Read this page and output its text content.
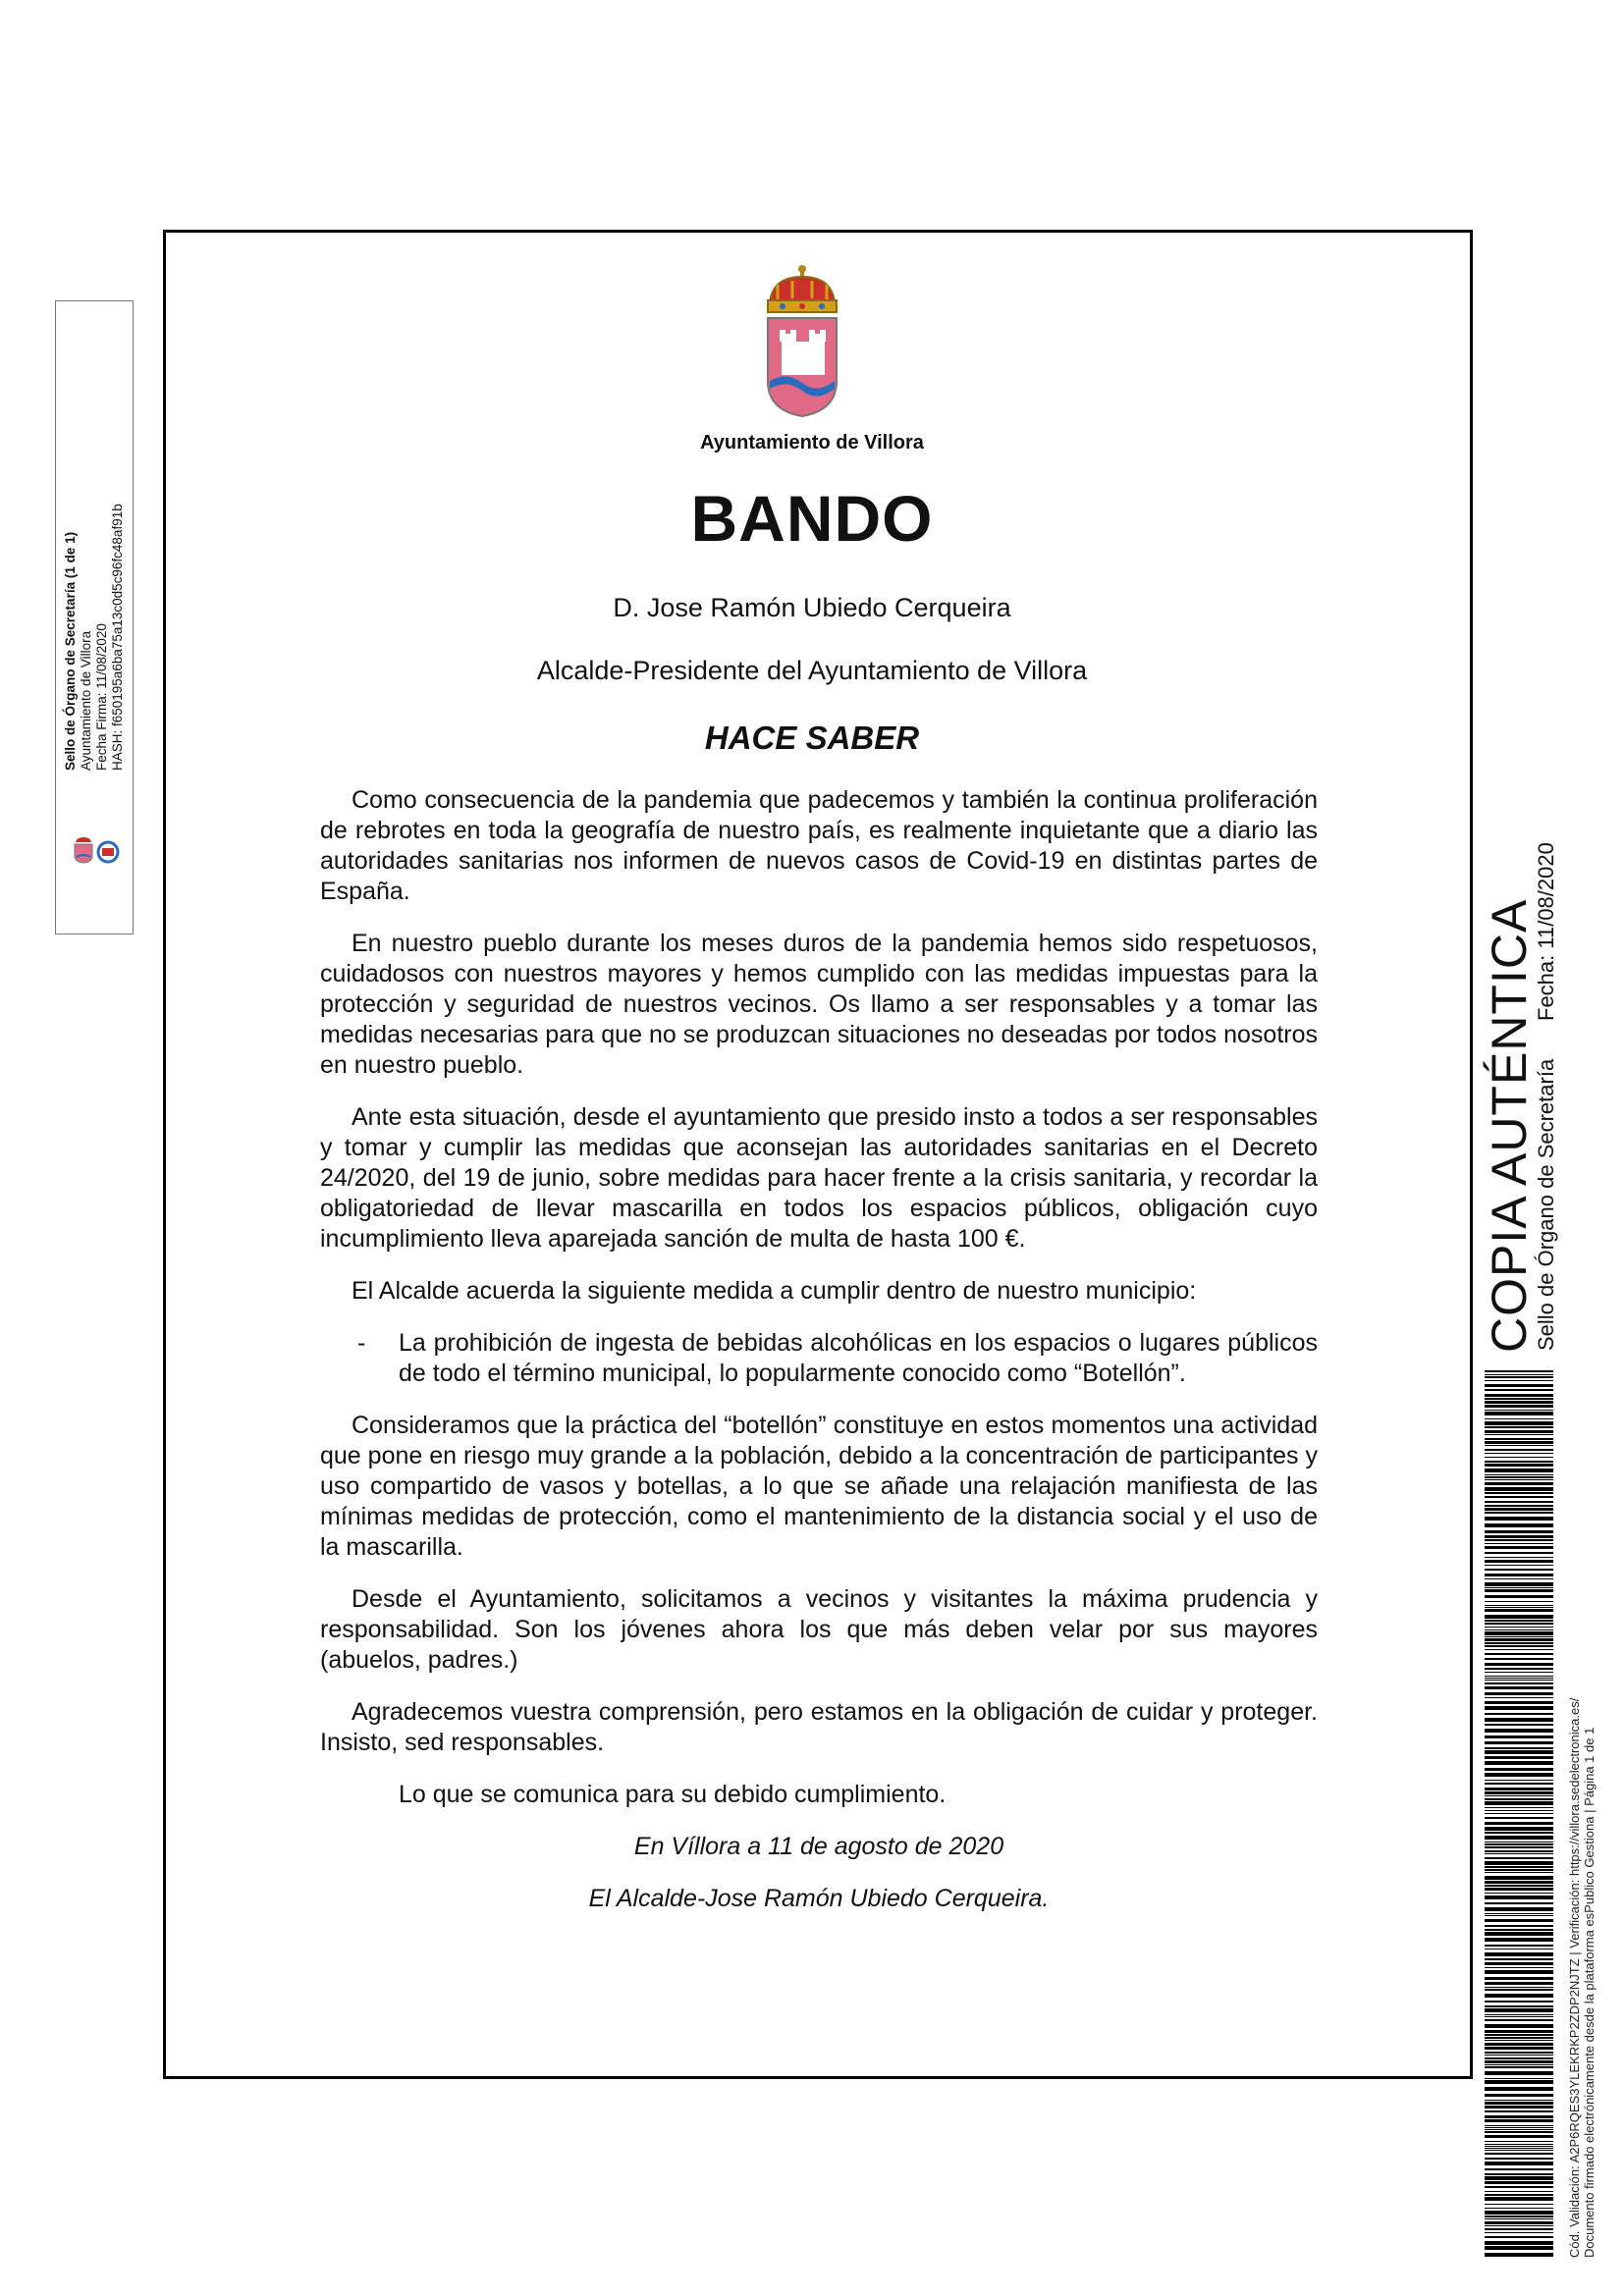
Ayuntamiento de Villora
BANDO
D. Jose Ramón Ubiedo Cerqueira
Alcalde-Presidente del Ayuntamiento de Villora
HACE SABER

Como consecuencia de la pandemia que padecemos y también la continua proliferación de rebrotes en toda la geografía de nuestro país, es realmente inquietante que a diario las autoridades sanitarias nos informen de nuevos casos de Covid-19 en distintas partes de España.

En nuestro pueblo durante los meses duros de la pandemia hemos sido respetuosos, cuidadosos con nuestros mayores y hemos cumplido con las medidas impuestas para la protección y seguridad de nuestros vecinos. Os llamo a ser responsables y a tomar las medidas necesarias para que no se produzcan situaciones no deseadas por todos nosotros en nuestro pueblo.

Ante esta situación, desde el ayuntamiento que presido insto a todos a ser responsables y tomar y cumplir las medidas que aconsejan las autoridades sanitarias en el Decreto 24/2020, del 19 de junio, sobre medidas para hacer frente a la crisis sanitaria, y recordar la obligatoriedad de llevar mascarilla en todos los espacios públicos, obligación cuyo incumplimiento lleva aparejada sanción de multa de hasta 100 €.

El Alcalde acuerda la siguiente medida a cumplir dentro de nuestro municipio:

-	La prohibición de ingesta de bebidas alcohólicas en los espacios o lugares públicos de todo el término municipal, lo popularmente conocido como “Botellón”.

Consideramos que la práctica del “botellón” constituye en estos momentos una actividad que pone en riesgo muy grande a la población, debido a la concentración de participantes y uso compartido de vasos y botellas, a lo que se añade una relajación manifiesta de las mínimas medidas de protección, como el mantenimiento de la distancia social y el uso de la mascarilla.

Desde el Ayuntamiento, solicitamos a vecinos y visitantes la máxima prudencia y responsabilidad. Son los jóvenes ahora los que más deben velar por sus mayores (abuelos, padres.)

Agradecemos vuestra comprensión, pero estamos en la obligación de cuidar y proteger. Insisto, sed responsables.

Lo que se comunica para su debido cumplimiento.

En Víllora a 11 de agosto de 2020
El Alcalde-Jose Ramón Ubiedo Cerqueira.
Sello de Órgano de Secretaría (1 de 1) Ayuntamiento de Villora Fecha Firma: 11/08/2020 HASH: f650195a6ba75a13c0d5c96fc48af91b
COPIA AUTÉNTICA
Sello de Órgano de Secretaría
Fecha: 11/08/2020
Cód. Validación: A2P6RQES3YLEKRKP2ZDP2NJTZ | Verificación: https://villora.sedelectronica.es/ Documento firmado electrónicamente desde la plataforma esPublico Gestiona | Página 1 de 1
